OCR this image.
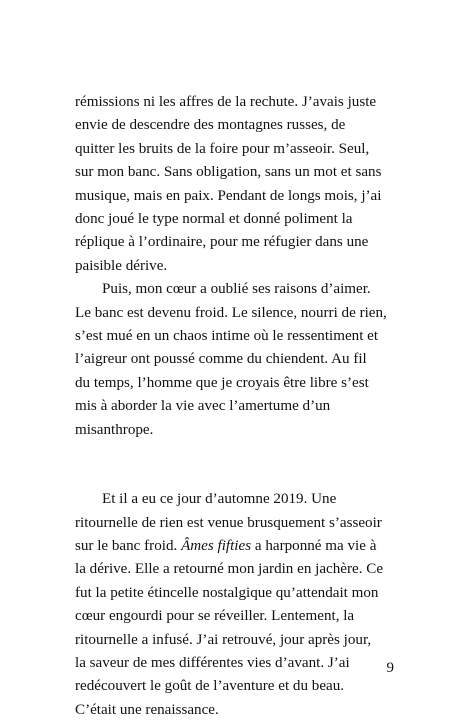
rémissions ni les affres de la rechute. J’avais juste

envie de descendre des montagnes russes, de

quitter les bruits de la foire pour m’asseoir. Seul,

sur mon banc. Sans obligation, sans un mot et sans

musique, mais en paix. Pendant de longs mois, j’ai

donc joué le type normal et donné poliment la

réplique à l’ordinaire, pour me réfugier dans une

paisible dérive.

Puis, mon cœur a oublié ses raisons d’aimer.

Le banc est devenu froid. Le silence, nourri de rien,

s’est mué en un chaos intime où le ressentiment et

l’aigreur ont poussé comme du chiendent. Au fil

du temps, l’homme que je croyais être libre s’est

mis à aborder la vie avec l’amertume d’un

misanthrope.

Et il a eu ce jour d’automne 2019. Une

ritournelle de rien est venue brusquement s’asseoir

sur le banc froid. Âmes fifties a harponné ma vie à

la dérive. Elle a retourné mon jardin en jachère. Ce

fut la petite étincelle nostalgique qu’attendait mon

cœur engourdi pour se réveiller. Lentement, la

ritournelle a infusé. J’ai retrouvé, jour après jour,

la saveur de mes différentes vies d’avant. J’ai

redécouvert le goût de l’aventure et du beau.

C’était une renaissance.

9
